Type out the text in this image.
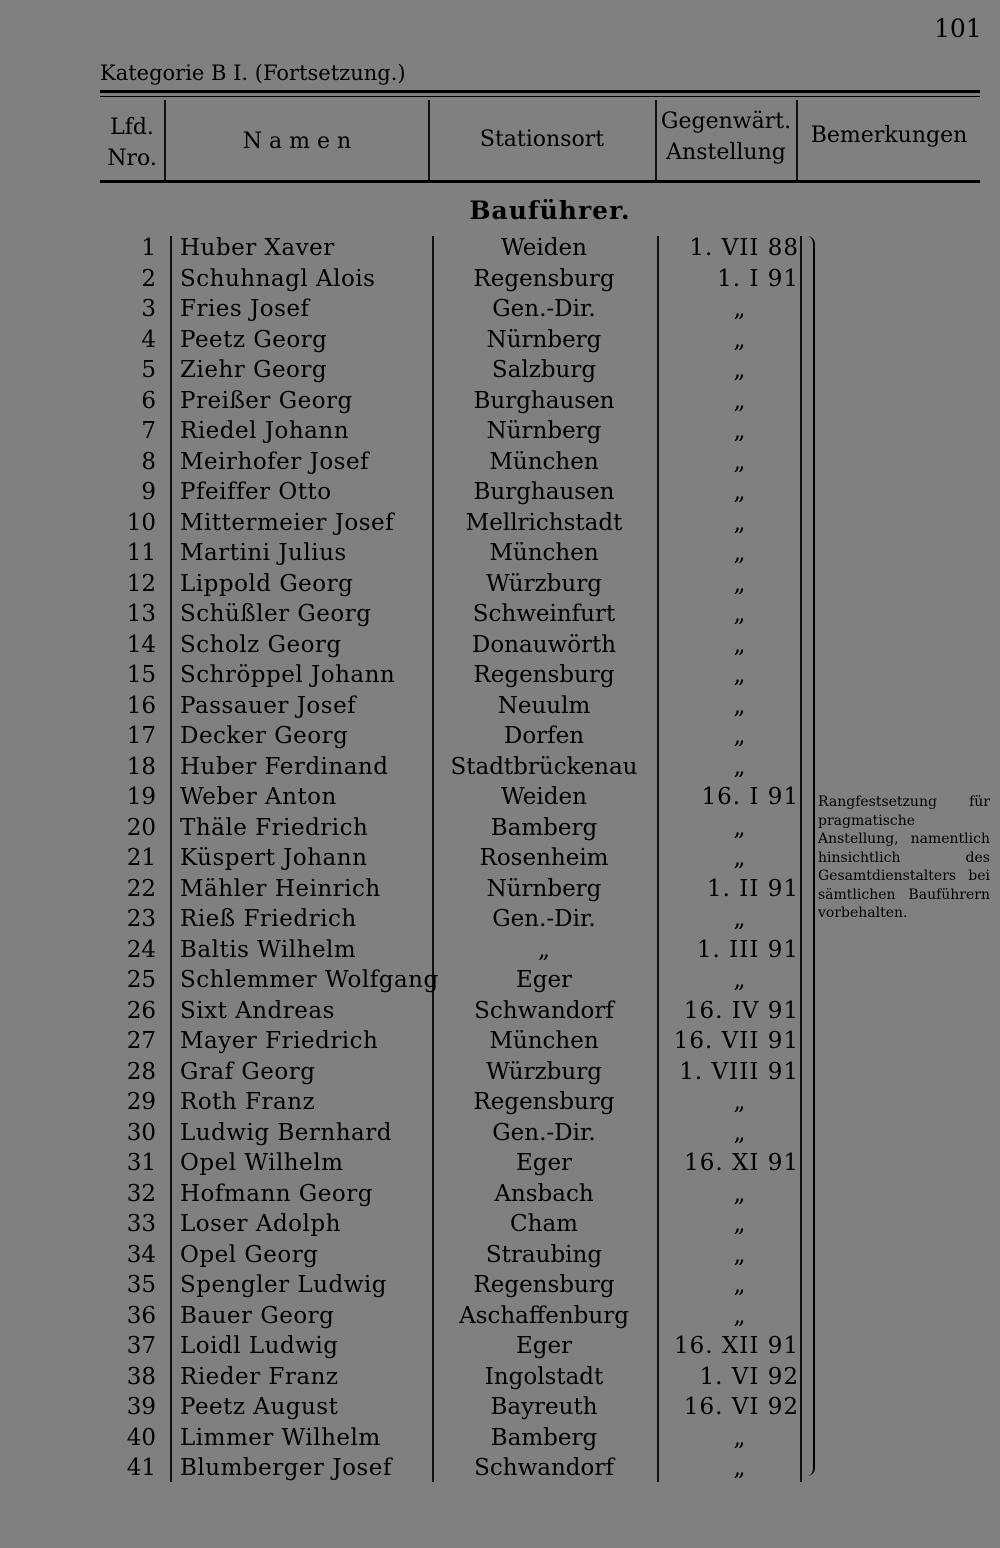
101
Kategorie B I. (Fortsetzung.)
Lfd.
Nro.
N a m e n	Stationsort
Gegenwärt.
Anstellung
Bemerkungen
Bauführer.
1 Huber Xaver	Weiden	1. VII 88
2 Schuhnagl Alois	Regensburg	1. I 91
3 Fries Josef	Gen.-Dir.	„
4 Peetz Georg	Nürnberg	„
5 Ziehr Georg	Salzburg	„
6 Preißer Georg	Burghausen	„
7 Riedel Johann	Nürnberg	„
8 Meirhofer Josef	München	„
9 Pfeiffer Otto	Burghausen	„
10 Mittermeier Josef	Mellrichstadt	„
11 Martini Julius	München	„
12 Lippold Georg	Würzburg	„
13 Schüßler Georg	Schweinfurt	„
14 Scholz Georg	Donauwörth	„
15 Schröppel Johann	Regensburg	„
16 Passauer Josef	Neuulm	„
17 Decker Georg	Dorfen	„
18 Huber Ferdinand	Stadtbrückenau	„
19 Weber Anton	Weiden	16. I 91
20 Thäle Friedrich	Bamberg	„
21 Küspert Johann	Rosenheim	„
22 Mähler Heinrich	Nürnberg	1. II 91
23 Rieß Friedrich	Gen.-Dir.	„
24 Baltis Wilhelm	„	1. III 91
25 Schlemmer Wolfgang	Eger	„
26 Sixt Andreas	Schwandorf	16. IV 91
27 Mayer Friedrich	München	16. VII 91
28 Graf Georg	Würzburg	1. VIII 91
29 Roth Franz	Regensburg	„
30 Ludwig Bernhard	Gen.-Dir.	„
31 Opel Wilhelm	Eger	16. XI 91
32 Hofmann Georg	Ansbach	„
33 Loser Adolph	Cham	„
34 Opel Georg	Straubing	„
35 Spengler Ludwig	Regensburg	„
36 Bauer Georg	Aschaffenburg	„
37 Loidl Ludwig	Eger	16. XII 91
38 Rieder Franz	Ingolstadt	1. VI 92
39 Peetz August	Bayreuth	16. VI 92
40 Limmer Wilhelm	Bamberg	„
41 Blumberger Josef	Schwandorf	„
Rangfestsetzung für pragmatische Anstellung, namentlich hinsichtlich des Gesamtdienstalters bei sämtlichen Bauführern vorbehalten.
